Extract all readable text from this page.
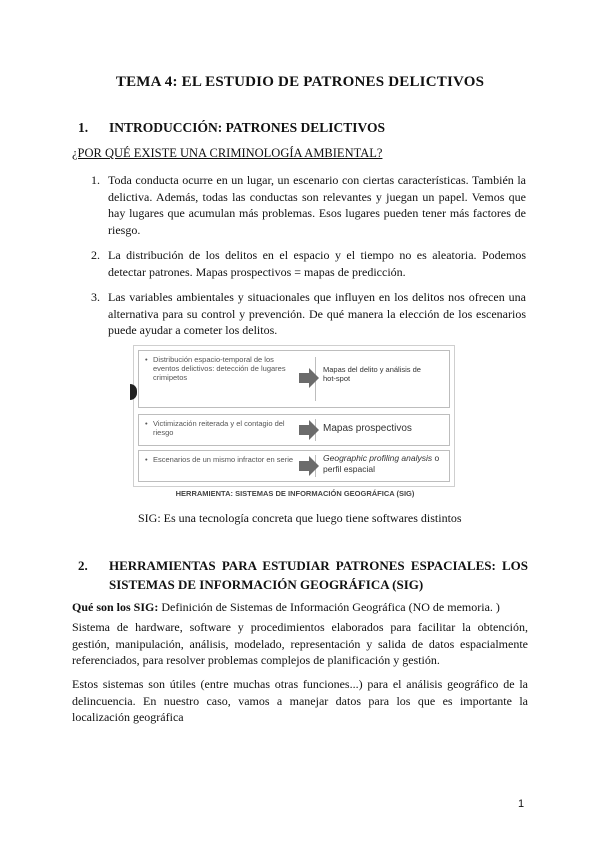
TEMA 4: EL ESTUDIO DE PATRONES DELICTIVOS
1. INTRODUCCIÓN: PATRONES DELICTIVOS
¿POR QUÉ EXISTE UNA CRIMINOLOGÍA AMBIENTAL?
1. Toda conducta ocurre en un lugar, un escenario con ciertas características. También la delictiva. Además, todas las conductas son relevantes y juegan un papel. Vemos que hay lugares que acumulan más problemas. Esos lugares pueden tener más factores de riesgo.
2. La distribución de los delitos en el espacio y el tiempo no es aleatoria. Podemos detectar patrones. Mapas prospectivos = mapas de predicción.
3. Las variables ambientales y situacionales que influyen en los delitos nos ofrecen una alternativa para su control y prevención. De qué manera la elección de los escenarios puede ayudar a cometer los delitos.
• Distribución espacio-temporal de los eventos delictivos: detección de lugares crimipetos
Mapas del delito y análisis de hot-spot
• Victimización reiterada y el contagio del riesgo	Mapas prospectivos
• Escenarios de un mismo infractor en serie	Geographic profiling analysis o perfil espacial
HERRAMIENTA: SISTEMAS DE INFORMACIÓN GEOGRÁFICA (SIG)
SIG: Es una tecnología concreta que luego tiene softwares distintos
2.	HERRAMIENTAS PARA ESTUDIAR PATRONES ESPACIALES: LOS SISTEMAS DE INFORMACIÓN GEOGRÁFICA (SIG)
Qué son los SIG: Definición de Sistemas de Información Geográfica (NO de memoria. )
Sistema de hardware, software y procedimientos elaborados para facilitar la obtención, gestión, manipulación, análisis, modelado, representación y salida de datos espacialmente referenciados, para resolver problemas complejos de planificación y gestión.
Estos sistemas son útiles (entre muchas otras funciones...) para el análisis geográfico de la delincuencia. En nuestro caso, vamos a manejar datos para los que es importante la localización geográfica
1
